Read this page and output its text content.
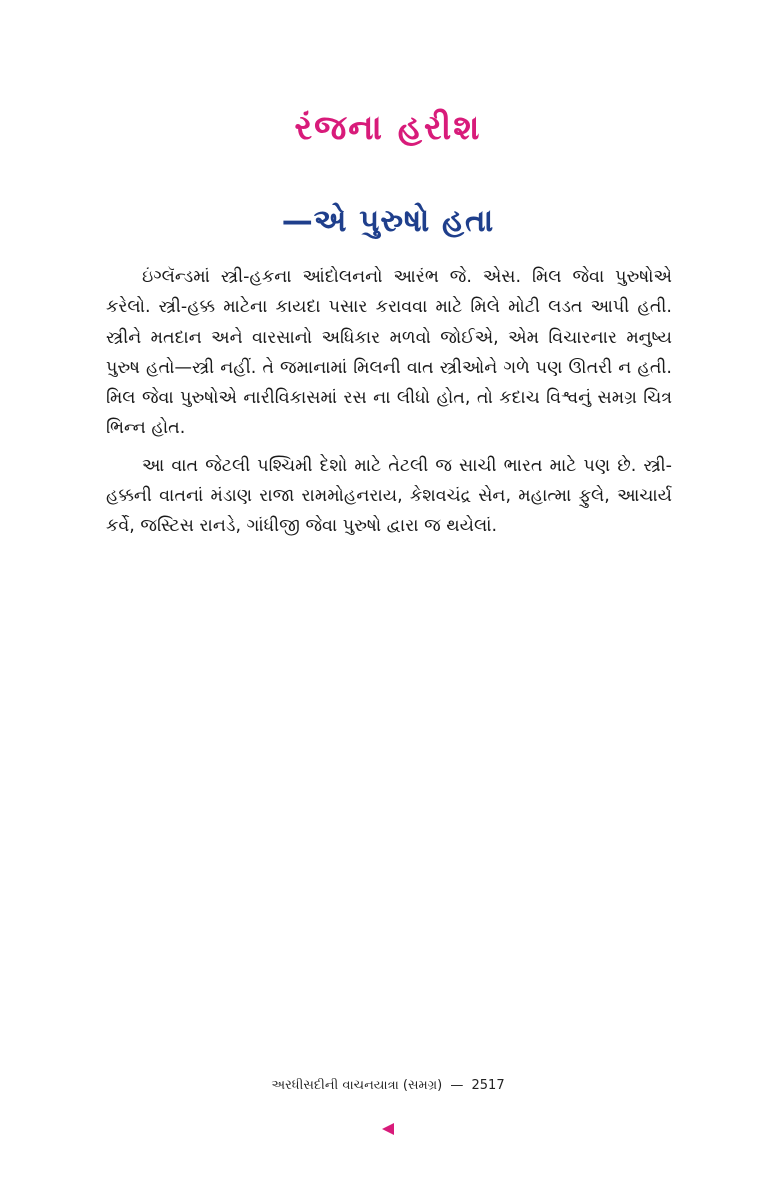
રંજના હરીશ
—એ પુરુષો હતા

ઇંગ્લૅન્ડમાં સ્ત્રી-હકના આંદોલનનો આરંભ જે. એસ. મિલ જેવા પુરુષોએ કરેલો. સ્ત્રી-હક્ક માટેના કાયદા પસાર કરાવવા માટે મિલે મોટી લડત આપી હતી. સ્ત્રીને મતદાન અને વારસાનો અધિકાર મળવો જોઈએ, એમ વિચારનાર મનુષ્ય પુરુષ હતો—સ્ત્રી નહીં. તે જમાનામાં મિલની વાત સ્ત્રીઓને ગળે પણ ઊતરી ન હતી. મિલ જેવા પુરુષોએ નારીવિકાસમાં રસ ના લીધો હોત, તો કદાચ વિશ્વનું સમગ્ર ચિત્ર ભિન્ન હોત.

આ વાત જેટલી પશ્ચિમી દેશો માટે તેટલી જ સાચી ભારત માટે પણ છે. સ્ત્રી-હક્કની વાતનાં મંડાણ રાજા રામમોહનરાય, કેશવચંદ્ર સેન, મહાત્મા ફુલે, આચાર્ય કર્વે, જસ્ટિસ રાનડે, ગાંધીજી જેવા પુરુષો દ્વારા જ થયેલાં.

અરધીસદીની વાચનયાત્રા (સમગ્ર) — 2517
